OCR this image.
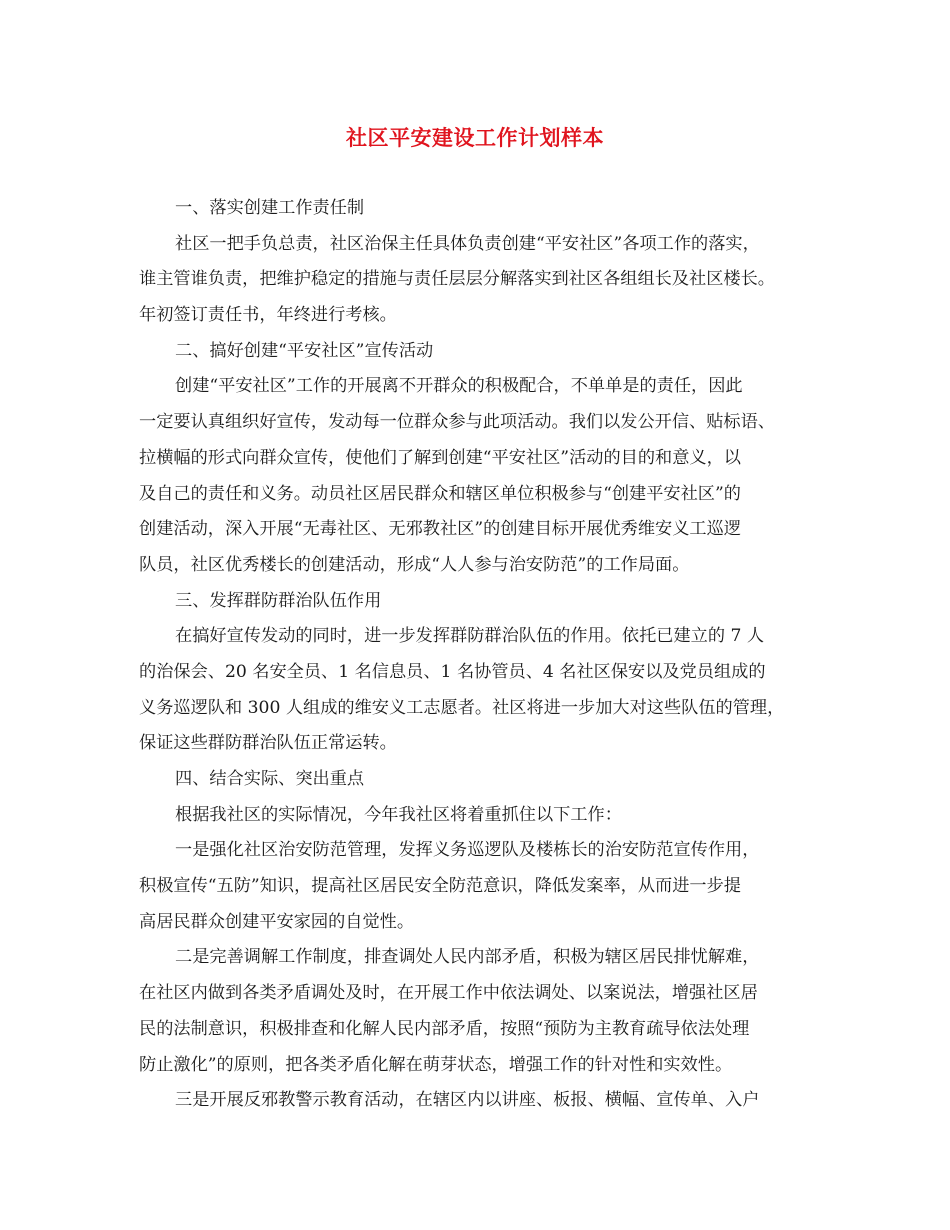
社区平安建设工作计划样本
一、落实创建工作责任制
社区一把手负总责，社区治保主任具体负责创建“平安社区”各项工作的落实，
谁主管谁负责，把维护稳定的措施与责任层层分解落实到社区各组组长及社区楼长。
年初签订责任书，年终进行考核。
二、搞好创建“平安社区”宣传活动
创建“平安社区”工作的开展离不开群众的积极配合，不单单是的责任，因此
一定要认真组织好宣传，发动每一位群众参与此项活动。我们以发公开信、贴标语、
拉横幅的形式向群众宣传，使他们了解到创建“平安社区”活动的目的和意义，以
及自己的责任和义务。动员社区居民群众和辖区单位积极参与“创建平安社区”的
创建活动，深入开展“无毒社区、无邪教社区”的创建目标开展优秀维安义工巡逻
队员，社区优秀楼长的创建活动，形成“人人参与治安防范”的工作局面。
三、发挥群防群治队伍作用
在搞好宣传发动的同时，进一步发挥群防群治队伍的作用。依托已建立的 7 人
的治保会、20 名安全员、1 名信息员、1 名协管员、4 名社区保安以及党员组成的
义务巡逻队和 300 人组成的维安义工志愿者。社区将进一步加大对这些队伍的管理，
保证这些群防群治队伍正常运转。
四、结合实际、突出重点
根据我社区的实际情况，今年我社区将着重抓住以下工作：
一是强化社区治安防范管理，发挥义务巡逻队及楼栋长的治安防范宣传作用，
积极宣传“五防”知识，提高社区居民安全防范意识，降低发案率，从而进一步提
高居民群众创建平安家园的自觉性。
二是完善调解工作制度，排查调处人民内部矛盾，积极为辖区居民排忧解难，
在社区内做到各类矛盾调处及时，在开展工作中依法调处、以案说法，增强社区居
民的法制意识，积极排查和化解人民内部矛盾，按照“预防为主教育疏导依法处理
防止激化”的原则，把各类矛盾化解在萌芽状态，增强工作的针对性和实效性。
三是开展反邪教警示教育活动，在辖区内以讲座、板报、横幅、宣传单、入户
